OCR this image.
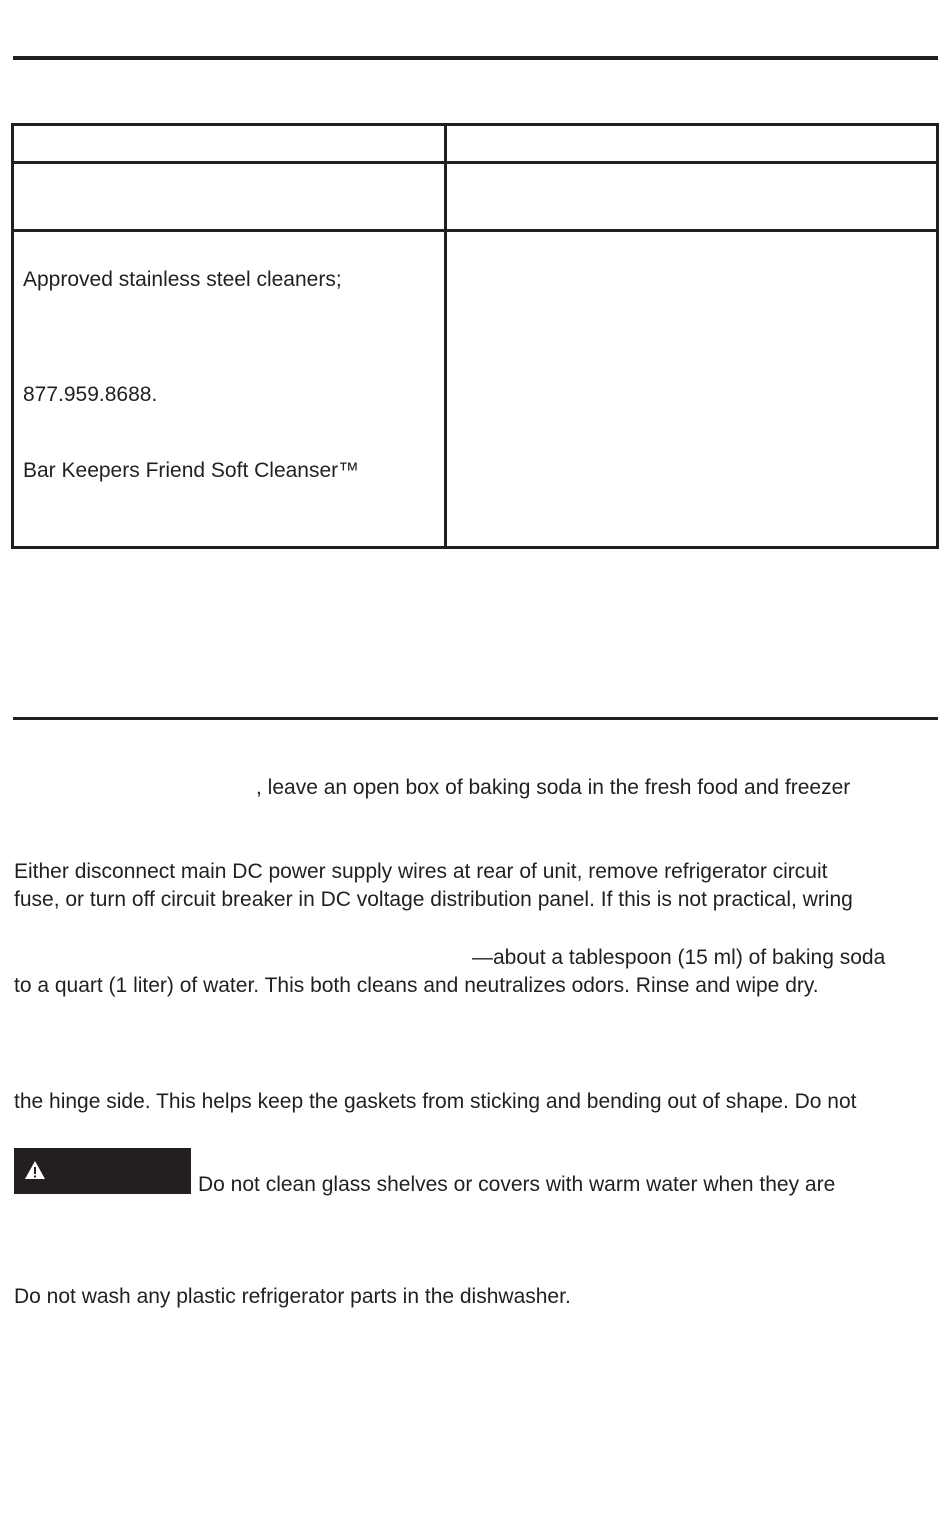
Approved stainless steel cleaners;
877.959.8688.
Bar Keepers Friend Soft Cleanser™
, leave an open box of baking soda in the fresh food and freezer
Either disconnect main DC power supply wires at rear of unit, remove refrigerator circuit
fuse, or turn off circuit breaker in DC voltage distribution panel. If this is not practical, wring
—about a tablespoon (15 ml) of baking soda
to a quart (1 liter) of water. This both cleans and neutralizes odors. Rinse and wipe dry.
the hinge side. This helps keep the gaskets from sticking and bending out of shape. Do not
Do not clean glass shelves or covers with warm water when they are
Do not wash any plastic refrigerator parts in the dishwasher.
